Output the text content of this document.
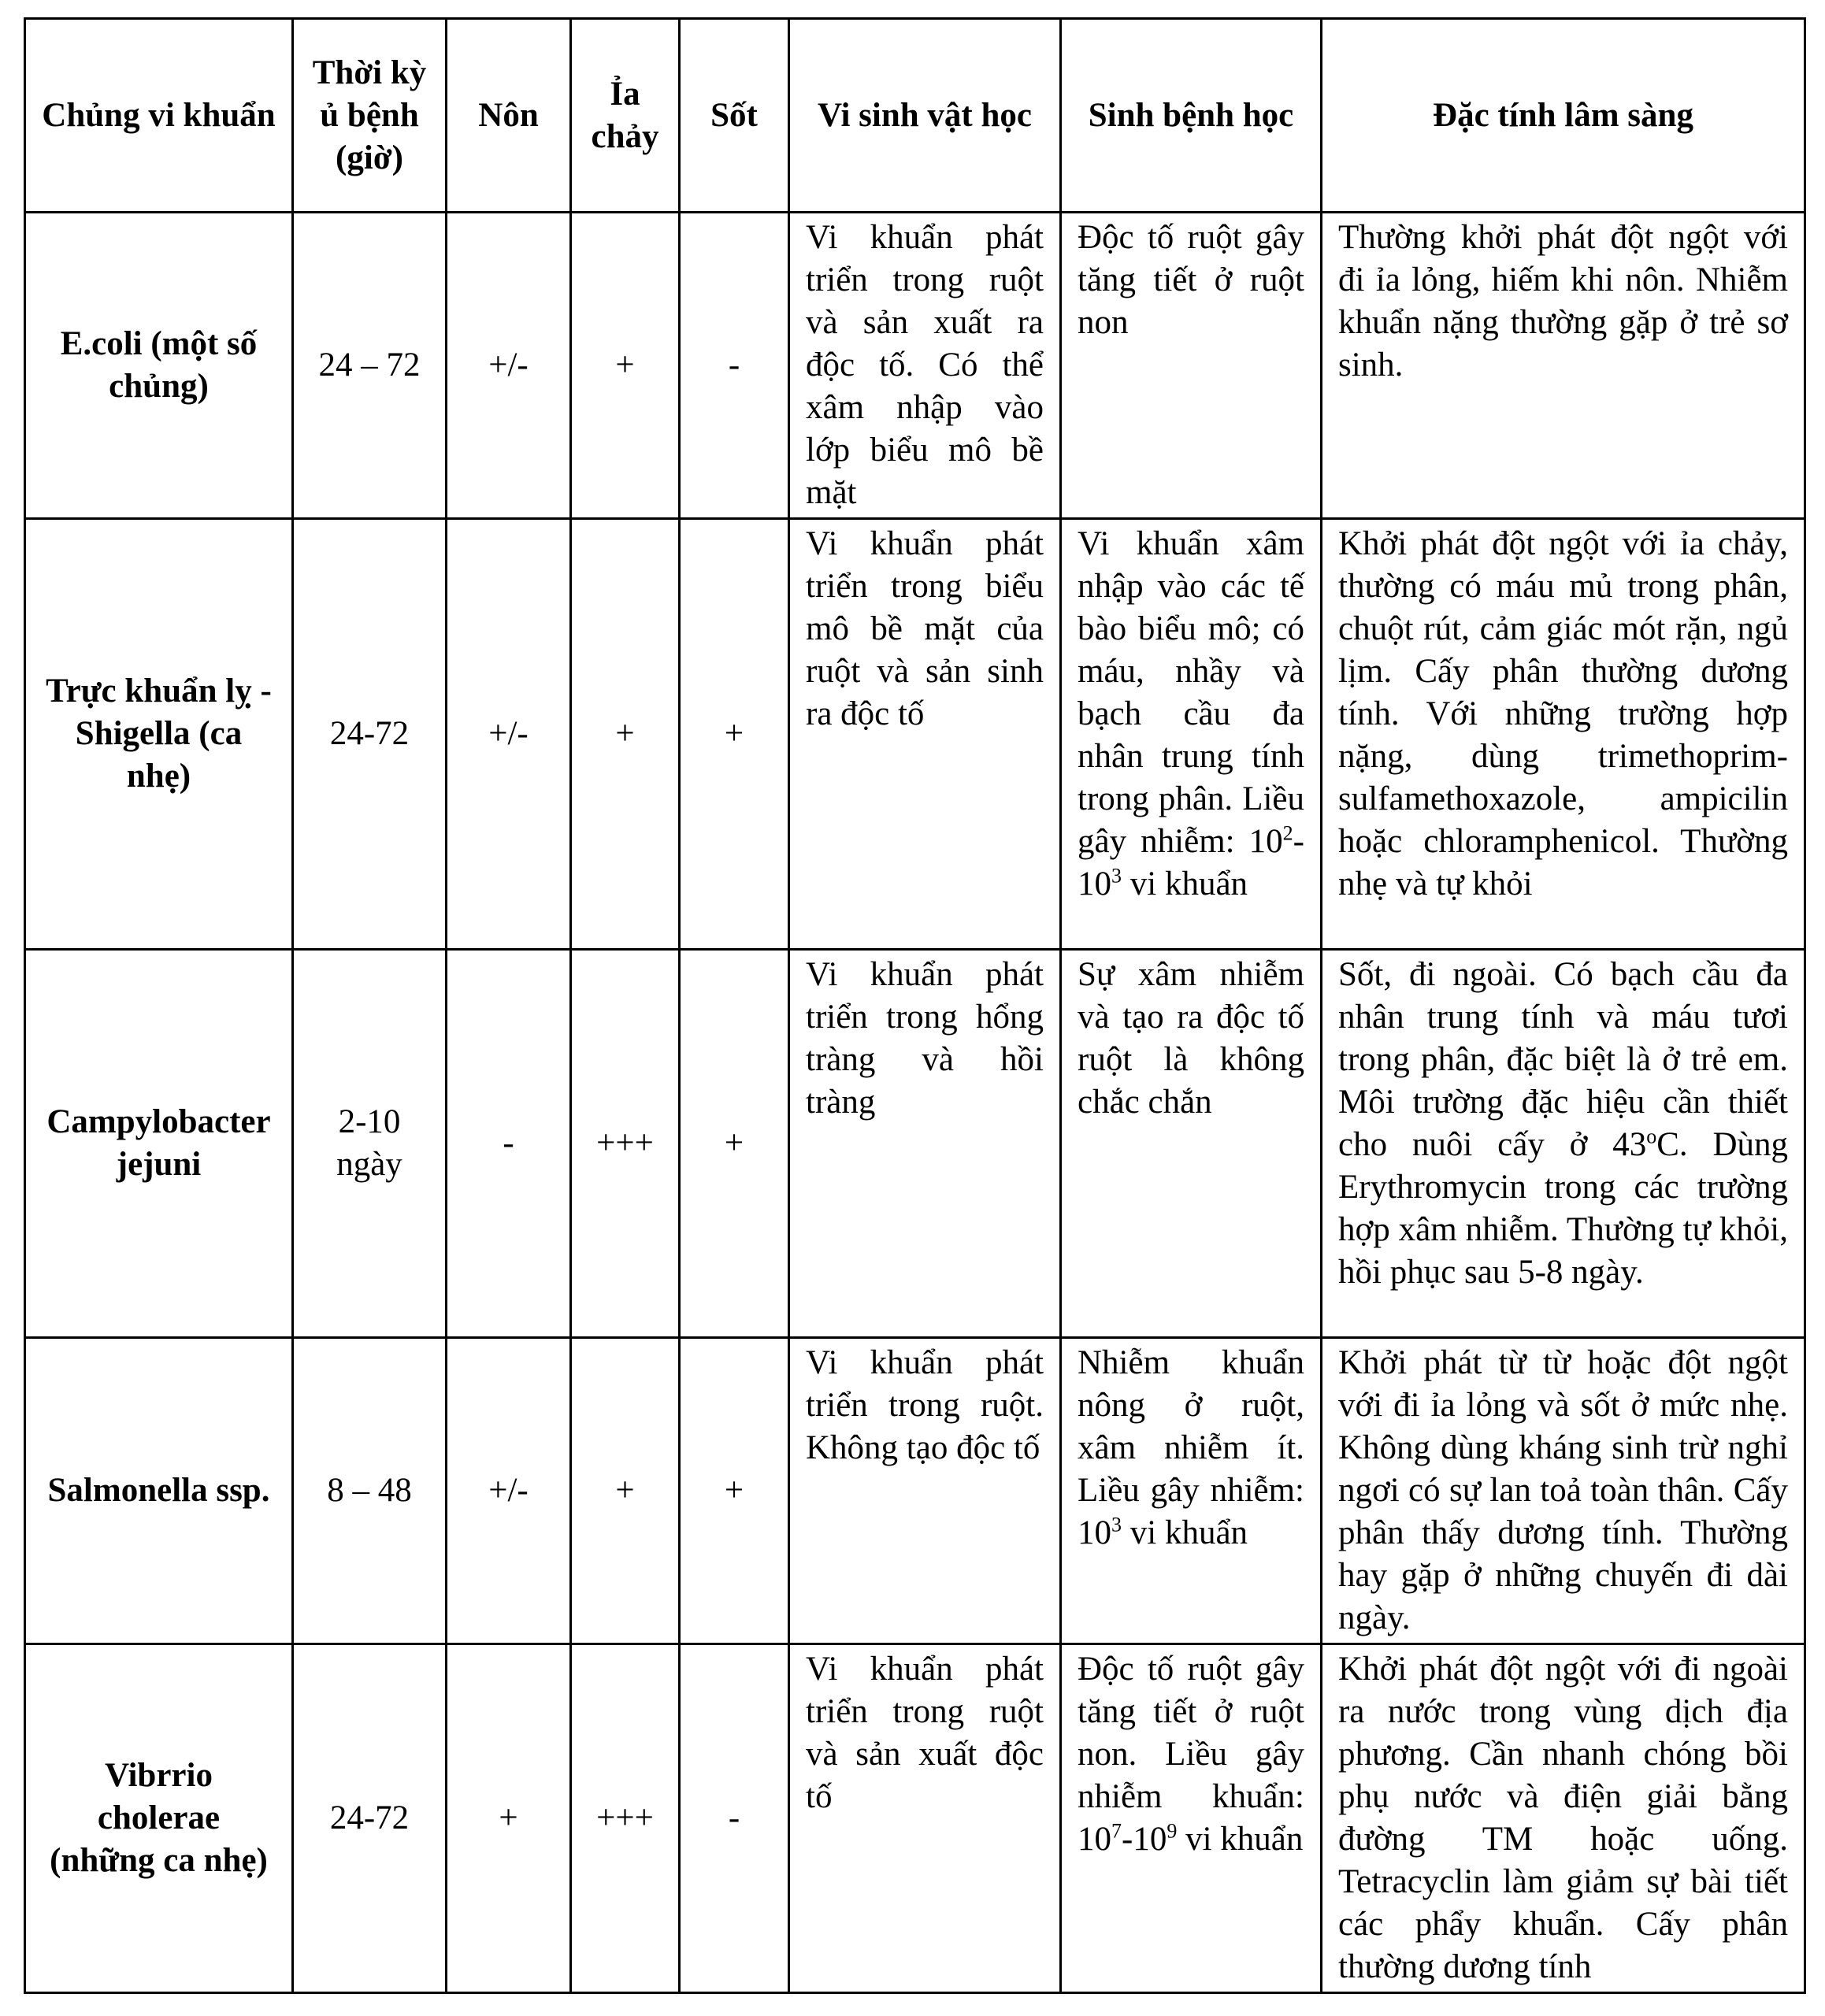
Chủng vi khuẩn	Thời kỳ ủ bệnh (giờ)	Nôn	Ỉa chảy	Sốt	Vi sinh vật học	Sinh bệnh học	Đặc tính lâm sàng
E.coli (một số chủng)	24 – 72	+/-	+	-	Vi khuẩn phát triển trong ruột và sản xuất ra độc tố. Có thể xâm nhập vào lớp biểu mô bề mặt	Độc tố ruột gây tăng tiết ở ruột non	Thường khởi phát đột ngột với đi ỉa lỏng, hiếm khi nôn. Nhiễm khuẩn nặng thường gặp ở trẻ sơ sinh.
Trực khuẩn lỵ - Shigella (ca nhẹ)	24-72	+/-	+	+	Vi khuẩn phát triển trong biểu mô bề mặt của ruột và sản sinh ra độc tố	Vi khuẩn xâm nhập vào các tế bào biểu mô; có máu, nhầy và bạch cầu đa nhân trung tính trong phân. Liều gây nhiễm: $10^2-10^3$ vi khuẩn	Khởi phát đột ngột với ỉa chảy, thường có máu mủ trong phân, chuột rút, cảm giác mót rặn, ngủ lịm. Cấy phân thường dương tính. Với những trường hợp nặng, dùng trimethoprim-sulfamethoxazole, ampicilin hoặc chloramphenicol. Thường nhẹ và tự khỏi
Campylobacter jejuni	2-10 ngày	-	+++	+	Vi khuẩn phát triển trong hổng tràng và hồi tràng	Sự xâm nhiễm và tạo ra độc tố ruột là không chắc chắn	Sốt, đi ngoài. Có bạch cầu đa nhân trung tính và máu tươi trong phân, đặc biệt là ở trẻ em. Môi trường đặc hiệu cần thiết cho nuôi cấy ở 43$^o$C. Dùng Erythromycin trong các trường hợp xâm nhiễm. Thường tự khỏi, hồi phục sau 5-8 ngày.
Salmonella ssp.	8 – 48	+/-	+	+	Vi khuẩn phát triển trong ruột. Không tạo độc tố	Nhiễm khuẩn nông ở ruột, xâm nhiễm ít. Liều gây nhiễm: $10^3$ vi khuẩn	Khởi phát từ từ hoặc đột ngột với đi ỉa lỏng và sốt ở mức nhẹ. Không dùng kháng sinh trừ nghỉ ngơi có sự lan toả toàn thân. Cấy phân thấy dương tính. Thường hay gặp ở những chuyến đi dài ngày.
Vibrrio cholerae (những ca nhẹ)	24-72	+	+++	-	Vi khuẩn phát triển trong ruột và sản xuất độc tố	Độc tố ruột gây tăng tiết ở ruột non. Liều gây nhiễm khuẩn: $10^7-10^9$ vi khuẩn	Khởi phát đột ngột với đi ngoài ra nước trong vùng dịch địa phương. Cần nhanh chóng bồi phụ nước và điện giải bằng đường TM hoặc uống. Tetracyclin làm giảm sự bài tiết các phẩy khuẩn. Cấy phân thường dương tính
